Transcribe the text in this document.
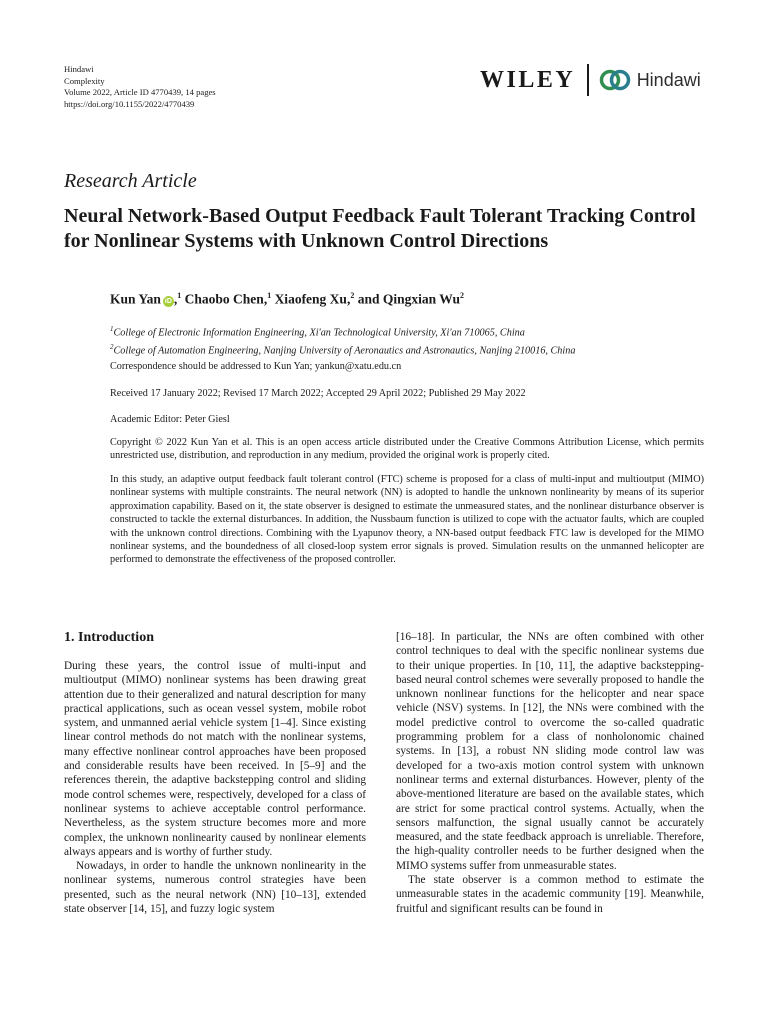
Hindawi
Complexity
Volume 2022, Article ID 4770439, 14 pages
https://doi.org/10.1155/2022/4770439
WILEY	Hindawi
Research Article
Neural Network-Based Output Feedback Fault Tolerant Tracking Control for Nonlinear Systems with Unknown Control Directions
Kun Yan iD ,$^1$ Chaobo Chen,$^1$ Xiaofeng Xu,$^2$ and Qingxian Wu$^2$
$^1$College of Electronic Information Engineering, Xi'an Technological University, Xi'an 710065, China
$^2$College of Automation Engineering, Nanjing University of Aeronautics and Astronautics, Nanjing 210016, China
Correspondence should be addressed to Kun Yan; yankun@xatu.edu.cn
Received 17 January 2022; Revised 17 March 2022; Accepted 29 April 2022; Published 29 May 2022
Academic Editor: Peter Giesl
Copyright © 2022 Kun Yan et al. This is an open access article distributed under the Creative Commons Attribution License, which permits unrestricted use, distribution, and reproduction in any medium, provided the original work is properly cited.
In this study, an adaptive output feedback fault tolerant control (FTC) scheme is proposed for a class of multi-input and multioutput (MIMO) nonlinear systems with multiple constraints. The neural network (NN) is adopted to handle the unknown nonlinearity by means of its superior approximation capability. Based on it, the state observer is designed to estimate the unmeasured states, and the nonlinear disturbance observer is constructed to tackle the external disturbances. In addition, the Nussbaum function is utilized to cope with the actuator faults, which are coupled with the unknown control directions. Combining with the Lyapunov theory, a NN-based output feedback FTC law is developed for the MIMO nonlinear systems, and the boundedness of all closed-loop system error signals is proved. Simulation results on the unmanned helicopter are performed to demonstrate the effectiveness of the proposed controller.
1. Introduction

During these years, the control issue of multi-input and multioutput (MIMO) nonlinear systems has been drawing great attention due to their generalized and natural description for many practical applications, such as ocean vessel system, mobile robot system, and unmanned aerial vehicle system [1–4]. Since existing linear control methods do not match with the nonlinear systems, many effective nonlinear control approaches have been proposed and considerable results have been received. In [5–9] and the references therein, the adaptive backstepping control and sliding mode control schemes were, respectively, developed for a class of nonlinear systems to achieve acceptable control performance. Nevertheless, as the system structure becomes more and more complex, the unknown nonlinearity caused by nonlinear elements always appears and is worthy of further study.

Nowadays, in order to handle the unknown nonlinearity in the nonlinear systems, numerous control strategies have been presented, such as the neural network (NN) [10–13], extended state observer [14, 15], and fuzzy logic system

[16–18]. In particular, the NNs are often combined with other control techniques to deal with the specific nonlinear systems due to their unique properties. In [10, 11], the adaptive backstepping-based neural control schemes were severally proposed to handle the unknown nonlinear functions for the helicopter and near space vehicle (NSV) systems. In [12], the NNs were combined with the model predictive control to overcome the so-called quadratic programming problem for a class of nonholonomic chained systems. In [13], a robust NN sliding mode control law was developed for a two-axis motion control system with unknown nonlinear terms and external disturbances. However, plenty of the above-mentioned literature are based on the available states, which are strict for some practical control systems. Actually, when the sensors malfunction, the signal usually cannot be accurately measured, and the state feedback approach is unreliable. Therefore, the high-quality controller needs to be further designed when the MIMO systems suffer from unmeasurable states.

The state observer is a common method to estimate the unmeasurable states in the academic community [19]. Meanwhile, fruitful and significant results can be found in
